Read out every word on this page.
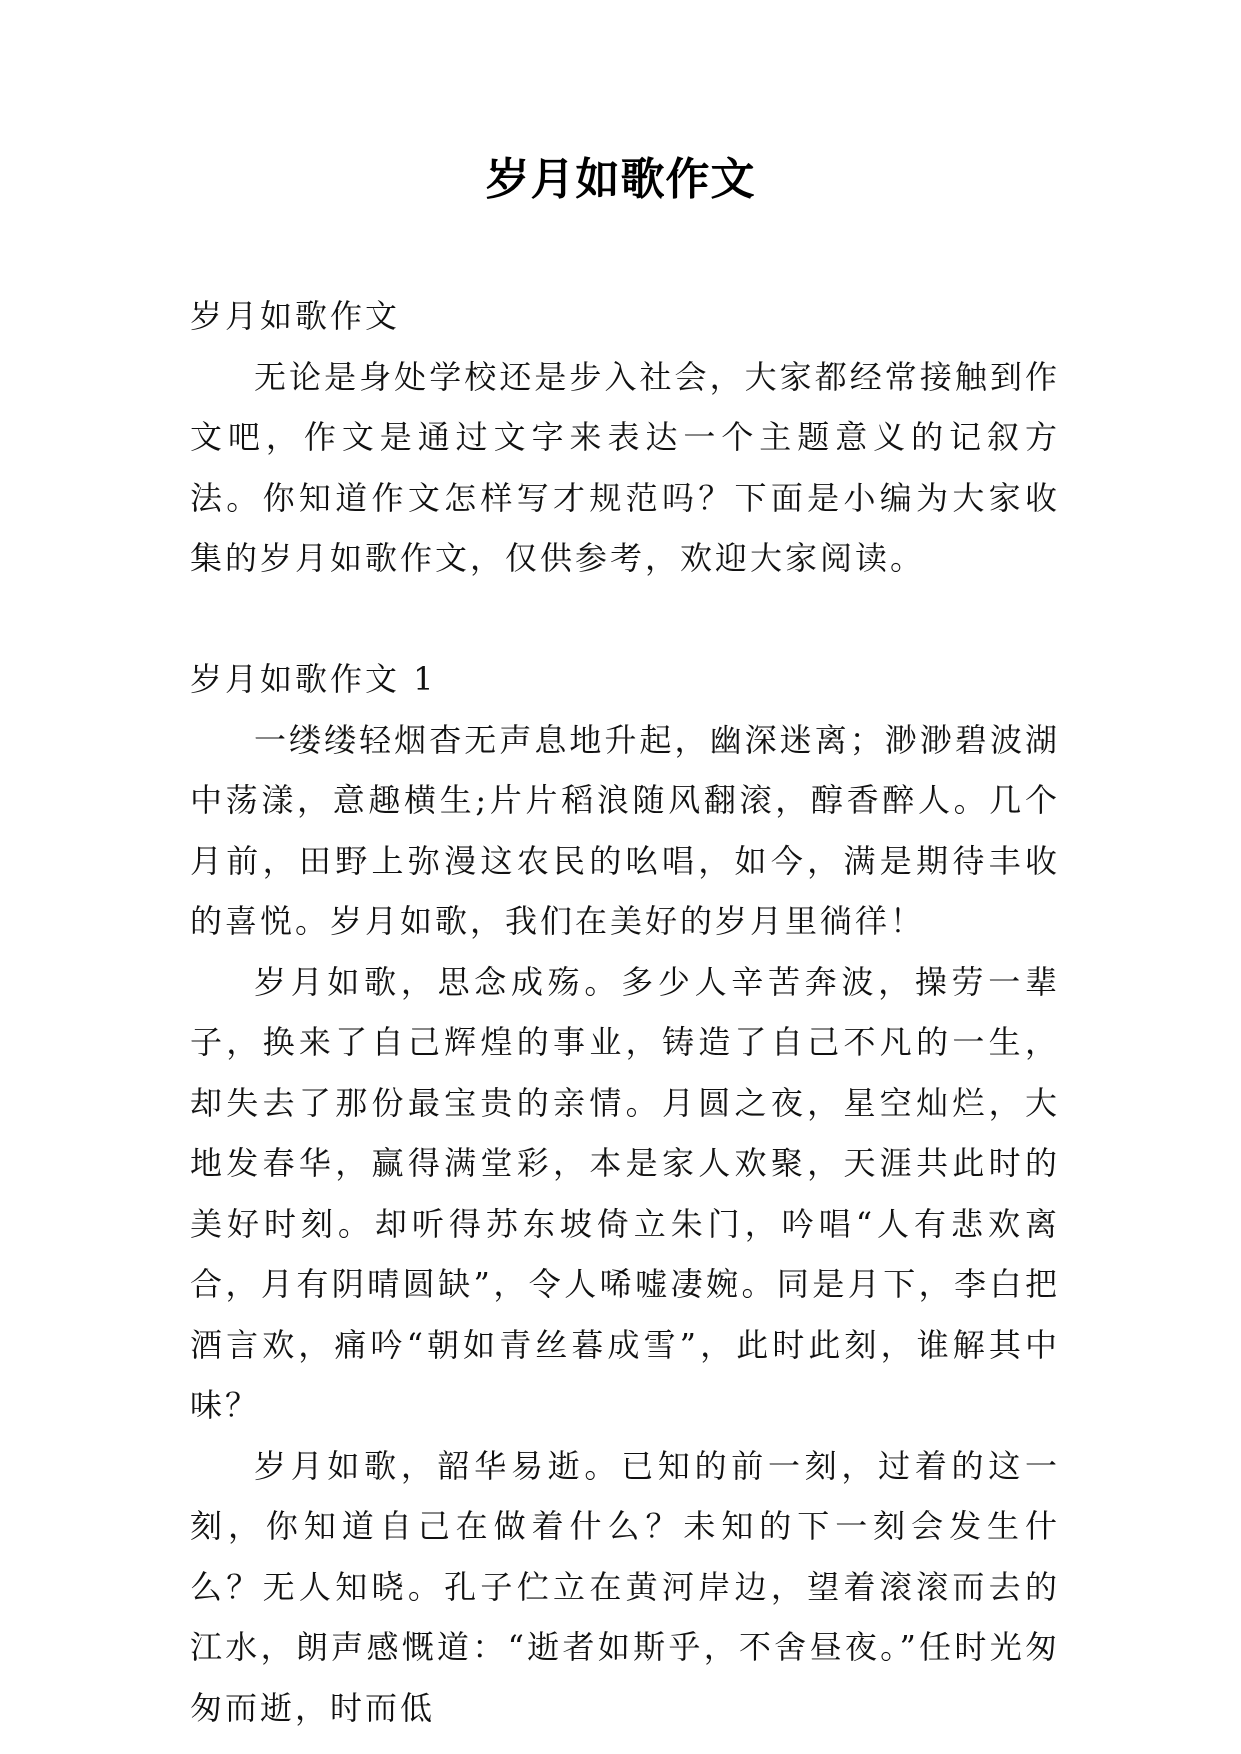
岁月如歌作文

岁月如歌作文

无论是身处学校还是步入社会，大家都经常接触到作文吧，作文是通过文字来表达一个主题意义的记叙方法。你知道作文怎样写才规范吗？下面是小编为大家收集的岁月如歌作文，仅供参考，欢迎大家阅读。

岁月如歌作文 1

一缕缕轻烟杳无声息地升起，幽深迷离；渺渺碧波湖中荡漾，意趣横生;片片稻浪随风翻滚，醇香醉人。几个月前，田野上弥漫这农民的吆唱，如今，满是期待丰收的喜悦。岁月如歌，我们在美好的岁月里徜徉！

岁月如歌，思念成殇。多少人辛苦奔波，操劳一辈子，换来了自己辉煌的事业，铸造了自己不凡的一生，却失去了那份最宝贵的亲情。月圆之夜，星空灿烂，大地发春华，赢得满堂彩，本是家人欢聚，天涯共此时的美好时刻。却听得苏东坡倚立朱门，吟唱“人有悲欢离合，月有阴晴圆缺”，令人唏嘘凄婉。同是月下，李白把酒言欢，痛吟“朝如青丝暮成雪”，此时此刻，谁解其中味？

岁月如歌，韶华易逝。已知的前一刻，过着的这一刻，你知道自己在做着什么？未知的下一刻会发生什么？无人知晓。孔子伫立在黄河岸边，望着滚滚而去的江水，朗声感慨道：“逝者如斯乎，不舍昼夜。”任时光匆匆而逝，时而低
